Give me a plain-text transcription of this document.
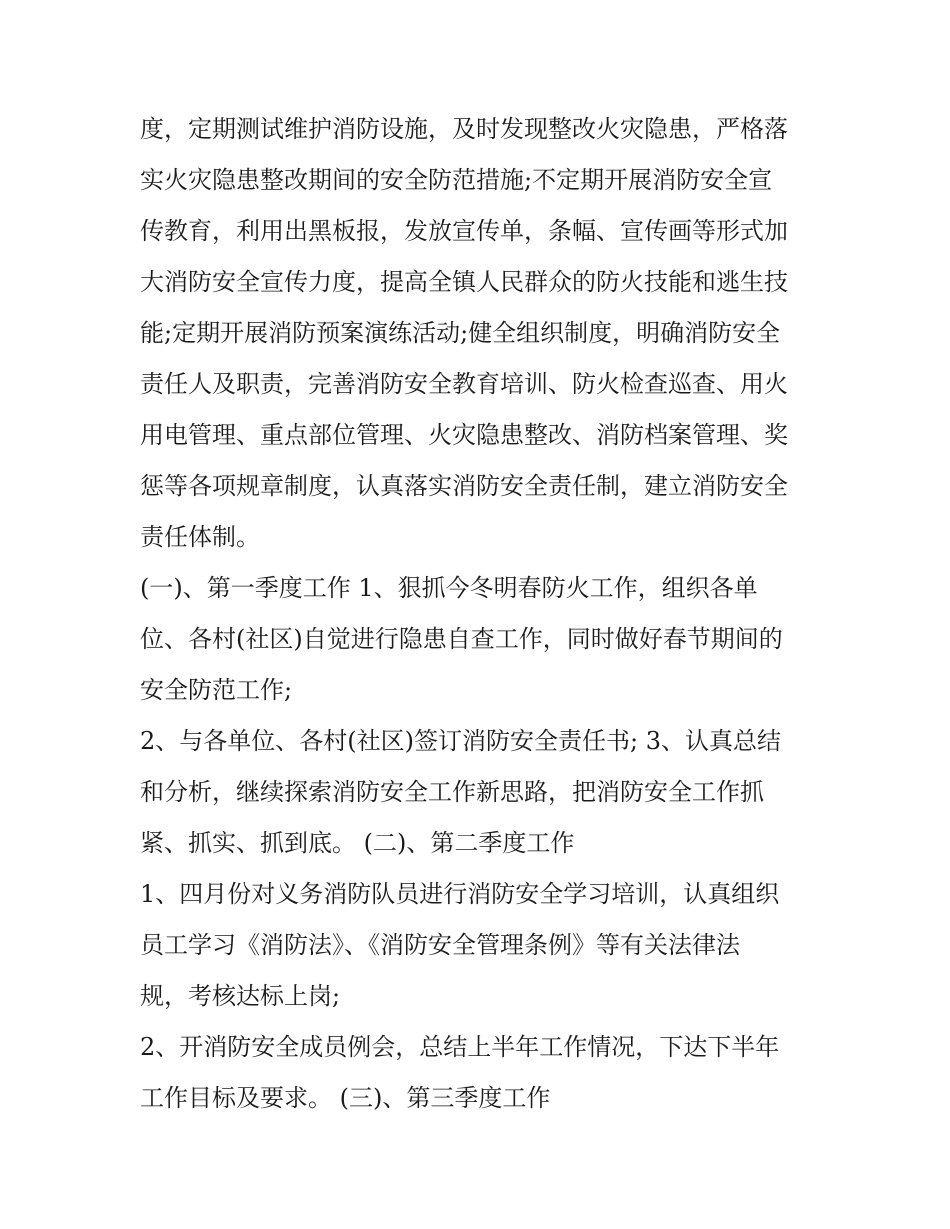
度，定期测试维护消防设施，及时发现整改火灾隐患，严格落
实火灾隐患整改期间的安全防范措施;不定期开展消防安全宣
传教育，利用出黑板报，发放宣传单，条幅、宣传画等形式加
大消防安全宣传力度，提高全镇人民群众的防火技能和逃生技
能;定期开展消防预案演练活动;健全组织制度，明确消防安全
责任人及职责，完善消防安全教育培训、防火检查巡查、用火
用电管理、重点部位管理、火灾隐患整改、消防档案管理、奖
惩等各项规章制度，认真落实消防安全责任制，建立消防安全
责任体制。
(一)、第一季度工作 1、狠抓今冬明春防火工作，组织各单
位、各村(社区)自觉进行隐患自查工作，同时做好春节期间的
安全防范工作;
2、与各单位、各村(社区)签订消防安全责任书; 3、认真总结
和分析，继续探索消防安全工作新思路，把消防安全工作抓
紧、抓实、抓到底。 (二)、第二季度工作
1、四月份对义务消防队员进行消防安全学习培训，认真组织
员工学习《消防法》、《消防安全管理条例》等有关法律法
规，考核达标上岗;
2、开消防安全成员例会，总结上半年工作情况，下达下半年
工作目标及要求。 (三)、第三季度工作
